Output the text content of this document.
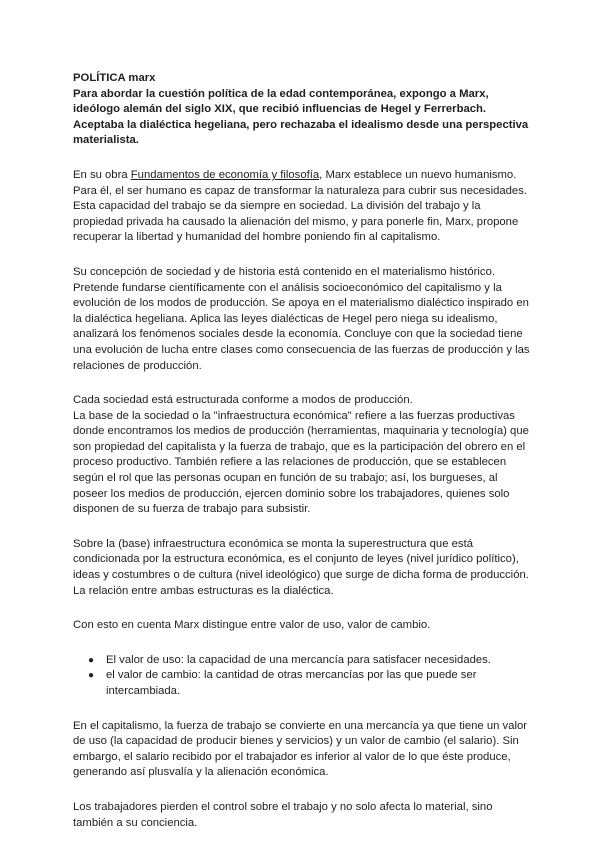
POLÍTICA marx
Para abordar la cuestión política de la edad contemporánea, expongo a Marx, ideólogo alemán del siglo XIX, que recibió influencias de Hegel y Ferrerbach. Aceptaba la dialéctica hegeliana, pero rechazaba el idealismo desde una perspectiva materialista.

En su obra Fundamentos de economía y filosofía, Marx establece un nuevo humanismo. Para él, el ser humano es capaz de transformar la naturaleza para cubrir sus necesidades. Esta capacidad del trabajo se da siempre en sociedad. La división del trabajo y la propiedad privada ha causado la alienación del mismo, y para ponerle fin, Marx, propone recuperar la libertad y humanidad del hombre poniendo fin al capitalismo.

Su concepción de sociedad y de historia está contenido en el materialismo histórico. Pretende fundarse científicamente con el análisis socioeconómico del capitalismo y la evolución de los modos de producción. Se apoya en el materialismo dialéctico inspirado en la dialéctica hegeliana. Aplica las leyes dialécticas de Hegel pero niega su idealismo, analizará los fenómenos sociales desde la economía. Concluye con que la sociedad tiene una evolución de lucha entre clases como consecuencia de las fuerzas de producción y las relaciones de producción.

Cada sociedad está estructurada conforme a modos de producción.
La base de la sociedad o la "infraestructura económica" refiere a las fuerzas productivas donde encontramos los medios de producción (herramientas, maquinaria y tecnología) que son propiedad del capitalista y la fuerza de trabajo, que es la participación del obrero en el proceso productivo. También refiere a las relaciones de producción, que se establecen según el rol que las personas ocupan en función de su trabajo; así, los burgueses, al poseer los medios de producción, ejercen dominio sobre los trabajadores, quienes solo disponen de su fuerza de trabajo para subsistir.

Sobre la (base) infraestructura económica se monta la superestructura que está condicionada por la estructura económica, es el conjunto de leyes (nivel jurídico político), ideas y costumbres o de cultura (nivel ideológico) que surge de dicha forma de producción. La relación entre ambas estructuras es la dialéctica.

Con esto en cuenta Marx distingue entre valor de uso, valor de cambio.

● El valor de uso: la capacidad de una mercancía para satisfacer necesidades.
● el valor de cambio: la cantidad de otras mercancías por las que puede ser intercambiada.

En el capitalismo, la fuerza de trabajo se convierte en una mercancía ya que tiene un valor de uso (la capacidad de producir bienes y servicios) y un valor de cambio (el salario). Sin embargo, el salario recibido por el trabajador es inferior al valor de lo que éste produce, generando así plusvalía y la alienación económica.

Los trabajadores pierden el control sobre el trabajo y no solo afecta lo material, sino también a su conciencia.
